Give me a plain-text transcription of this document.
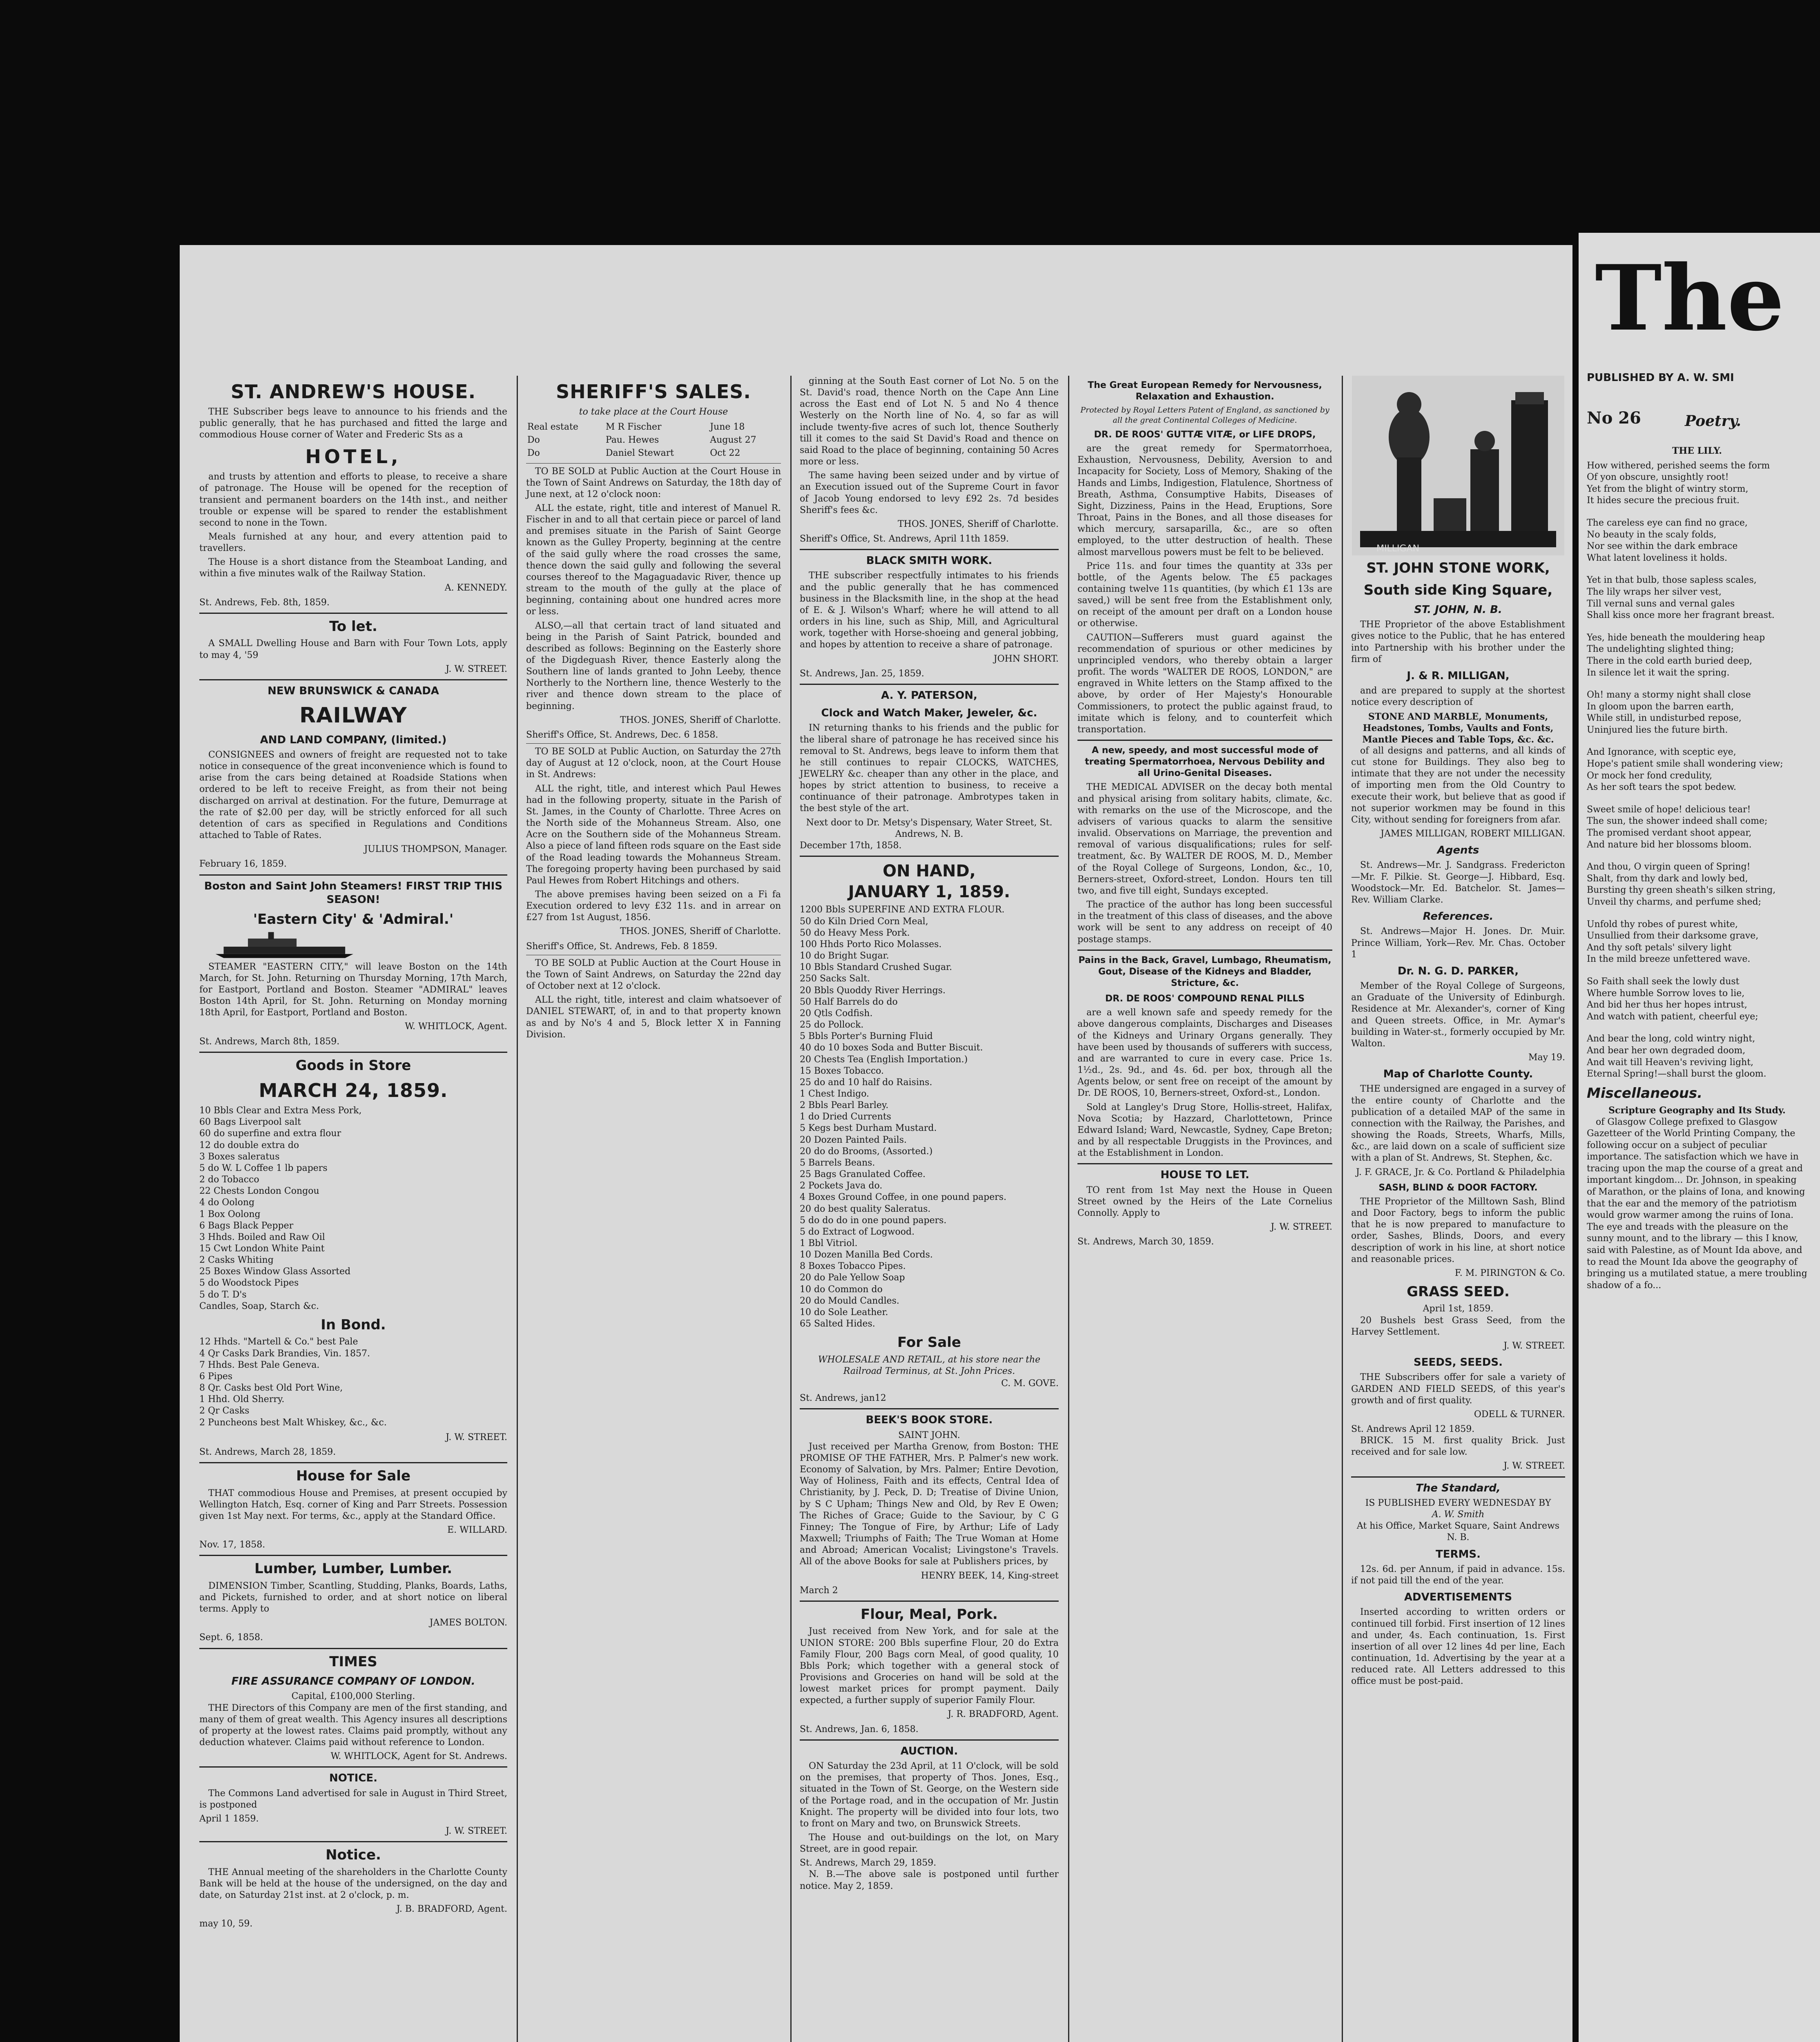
ST. ANDREW'S HOUSE.

THE Subscriber begs leave to announce to his friends and the public generally, that he has purchased and fitted the large and commodious House corner of Water and Frederic Sts as a

HOTEL,

and trusts by attention and efforts to please, to receive a share of patronage. The House will be opened for the reception of transient and permanent boarders on the 14th inst., and neither trouble or expense will be spared to render the establishment second to none in the Town.

Meals furnished at any hour, and every attention paid to travellers.

The House is a short distance from the Steamboat Landing, and within a five minutes walk of the Railway Station.

A. KENNEDY.
St. Andrews, Feb. 8th, 1859.
To let.

A SMALL Dwelling House and Barn with Four Town Lots, apply to may 4, '59

J. W. STREET.
NEW BRUNSWICK & CANADA
RAILWAY
AND LAND COMPANY, (limited.)

CONSIGNEES and owners of freight are requested not to take notice in consequence of the great inconvenience which is found to arise from the cars being detained at Roadside Stations when ordered to be left to receive Freight, as from their not being discharged on arrival at destination. For the future, Demurrage at the rate of $2.00 per day, will be strictly enforced for all such detention of cars as specified in Regulations and Conditions attached to Table of Rates.

JULIUS THOMPSON, Manager.
February 16, 1859.
Boston and Saint John Steamers! FIRST TRIP THIS SEASON!
'Eastern City' & 'Admiral.'

STEAMER "EASTERN CITY," will leave Boston on the 14th March, for St. John. Returning on Thursday Morning, 17th March, for Eastport, Portland and Boston. Steamer "ADMIRAL" leaves Boston 14th April, for St. John. Returning on Monday morning 18th April, for Eastport, Portland and Boston.

W. WHITLOCK, Agent.
St. Andrews, March 8th, 1859.
Goods in Store
MARCH 24, 1859.
10 Bbls Clear and Extra Mess Pork,
60 Bags Liverpool salt
60 do superfine and extra flour
12 do double extra do
3 Boxes saleratus
5 do W. L Coffee 1 lb papers
2 do Tobacco
22 Chests London Congou
4 do Oolong
1 Box Oolong
6 Bags Black Pepper
3 Hhds. Boiled and Raw Oil
15 Cwt London White Paint
2 Casks Whiting
25 Boxes Window Glass Assorted
5 do Woodstock Pipes
5 do T. D's
Candles, Soap, Starch &c.
In Bond.
12 Hhds. "Martell & Co." best Pale
4 Qr Casks Dark Brandies, Vin. 1857.
7 Hhds. Best Pale Geneva.
6 Pipes
8 Qr. Casks best Old Port Wine,
1 Hhd. Old Sherry.
2 Qr Casks
2 Puncheons best Malt Whiskey, &c., &c.
J. W. STREET.
St. Andrews, March 28, 1859.
House for Sale

THAT commodious House and Premises, at present occupied by Wellington Hatch, Esq. corner of King and Parr Streets. Possession given 1st May next. For terms, &c., apply at the Standard Office.

E. WILLARD.
Nov. 17, 1858.
Lumber, Lumber, Lumber.

DIMENSION Timber, Scantling, Studding, Planks, Boards, Laths, and Pickets, furnished to order, and at short notice on liberal terms. Apply to

JAMES BOLTON.
Sept. 6, 1858.
TIMES
FIRE ASSURANCE COMPANY OF LONDON.
Capital, £100,000 Sterling.

THE Directors of this Company are men of the first standing, and many of them of great wealth. This Agency insures all descriptions of property at the lowest rates. Claims paid promptly, without any deduction whatever. Claims paid without reference to London.

W. WHITLOCK, Agent for St. Andrews.
NOTICE.

The Commons Land advertised for sale in August in Third Street, is postponed

April 1 1859.
J. W. STREET.
Notice.

THE Annual meeting of the shareholders in the Charlotte County Bank will be held at the house of the undersigned, on the day and date, on Saturday 21st inst. at 2 o'clock, p. m.

J. B. BRADFORD, Agent.
may 10, 59.
SHERIFF'S SALES.
to take place at the Court House
Real estate	M R Fischer	June 18
Do	Pau. Hewes	August 27
Do	Daniel Stewart	Oct 22

TO BE SOLD at Public Auction at the Court House in the Town of Saint Andrews on Saturday, the 18th day of June next, at 12 o'clock noon:

ALL the estate, right, title and interest of Manuel R. Fischer in and to all that certain piece or parcel of land and premises situate in the Parish of Saint George known as the Gulley Property, beginning at the centre of the said gully where the road crosses the same, thence down the said gully and following the several courses thereof to the Magaguadavic River, thence up stream to the mouth of the gully at the place of beginning, containing about one hundred acres more or less.

ALSO,—all that certain tract of land situated and being in the Parish of Saint Patrick, bounded and described as follows: Beginning on the Easterly shore of the Digdeguash River, thence Easterly along the Southern line of lands granted to John Leeby, thence Northerly to the Northern line, thence Westerly to the river and thence down stream to the place of beginning.

THOS. JONES, Sheriff of Charlotte.
Sheriff's Office, St. Andrews, Dec. 6 1858.

TO BE SOLD at Public Auction, on Saturday the 27th day of August at 12 o'clock, noon, at the Court House in St. Andrews:

ALL the right, title, and interest which Paul Hewes had in the following property, situate in the Parish of St. James, in the County of Charlotte. Three Acres on the North side of the Mohanneus Stream. Also, one Acre on the Southern side of the Mohanneus Stream. Also a piece of land fifteen rods square on the East side of the Road leading towards the Mohanneus Stream. The foregoing property having been purchased by said Paul Hewes from Robert Hitchings and others.

The above premises having been seized on a Fi fa Execution ordered to levy £32 11s. and in arrear on £27 from 1st August, 1856.

THOS. JONES, Sheriff of Charlotte.
Sheriff's Office, St. Andrews, Feb. 8 1859.

TO BE SOLD at Public Auction at the Court House in the Town of Saint Andrews, on Saturday the 22nd day of October next at 12 o'clock.

ALL the right, title, interest and claim whatsoever of DANIEL STEWART, of, in and to that property known as and by No's 4 and 5, Block letter X in Fanning Division.

ginning at the South East corner of Lot No. 5 on the St. David's road, thence North on the Cape Ann Line across the East end of Lot N. 5 and No 4 thence Westerly on the North line of No. 4, so far as will include twenty-five acres of such lot, thence Southerly till it comes to the said St David's Road and thence on said Road to the place of beginning, containing 50 Acres more or less.

The same having been seized under and by virtue of an Execution issued out of the Supreme Court in favor of Jacob Young endorsed to levy £92 2s. 7d besides Sheriff's fees &c.

THOS. JONES, Sheriff of Charlotte.
Sheriff's Office, St. Andrews, April 11th 1859.
BLACK SMITH WORK.

THE subscriber respectfully intimates to his friends and the public generally that he has commenced business in the Blacksmith line, in the shop at the head of E. & J. Wilson's Wharf; where he will attend to all orders in his line, such as Ship, Mill, and Agricultural work, together with Horse-shoeing and general jobbing, and hopes by attention to receive a share of patronage.

JOHN SHORT.
St. Andrews, Jan. 25, 1859.
A. Y. PATERSON,
Clock and Watch Maker, Jeweler, &c.

IN returning thanks to his friends and the public for the liberal share of patronage he has received since his removal to St. Andrews, begs leave to inform them that he still continues to repair CLOCKS, WATCHES, JEWELRY &c. cheaper than any other in the place, and hopes by strict attention to business, to receive a continuance of their patronage. Ambrotypes taken in the best style of the art.

Next door to Dr. Metsy's Dispensary, Water Street, St. Andrews, N. B.
December 17th, 1858.
ON HAND,
JANUARY 1, 1859.
1200 Bbls SUPERFINE AND EXTRA FLOUR.
50 do Kiln Dried Corn Meal,
50 do Heavy Mess Pork.
100 Hhds Porto Rico Molasses.
10 do Bright Sugar.
10 Bbls Standard Crushed Sugar.
250 Sacks Salt.
20 Bbls Quoddy River Herrings.
50 Half Barrels do do
20 Qtls Codfish.
25 do Pollock.
5 Bbls Porter's Burning Fluid
40 do 10 boxes Soda and Butter Biscuit.
20 Chests Tea (English Importation.)
15 Boxes Tobacco.
25 do and 10 half do Raisins.
1 Chest Indigo.
2 Bbls Pearl Barley.
1 do Dried Currents
5 Kegs best Durham Mustard.
20 Dozen Painted Pails.
20 do do Brooms, (Assorted.)
5 Barrels Beans.
25 Bags Granulated Coffee.
2 Pockets Java do.
4 Boxes Ground Coffee, in one pound papers.
20 do best quality Saleratus.
5 do do do in one pound papers.
5 do Extract of Logwood.
1 Bbl Vitriol.
10 Dozen Manilla Bed Cords.
8 Boxes Tobacco Pipes.
20 do Pale Yellow Soap
10 do Common do
20 do Mould Candles.
10 do Sole Leather.
65 Salted Hides.
For Sale
WHOLESALE AND RETAIL, at his store near the Railroad Terminus, at St. John Prices.
C. M. GOVE.
St. Andrews, jan12
BEEK'S BOOK STORE.
SAINT JOHN.

Just received per Martha Grenow, from Boston: THE PROMISE OF THE FATHER, Mrs. P. Palmer's new work. Economy of Salvation, by Mrs. Palmer; Entire Devotion, Way of Holiness, Faith and its effects, Central Idea of Christianity, by J. Peck, D. D; Treatise of Divine Union, by S C Upham; Things New and Old, by Rev E Owen; The Riches of Grace; Guide to the Saviour, by C G Finney; The Tongue of Fire, by Arthur; Life of Lady Maxwell; Triumphs of Faith; The True Woman at Home and Abroad; American Vocalist; Livingstone's Travels. All of the above Books for sale at Publishers prices, by

HENRY BEEK, 14, King-street
March 2
Flour, Meal, Pork.

Just received from New York, and for sale at the UNION STORE: 200 Bbls superfine Flour, 20 do Extra Family Flour, 200 Bags corn Meal, of good quality, 10 Bbls Pork; which together with a general stock of Provisions and Groceries on hand will be sold at the lowest market prices for prompt payment. Daily expected, a further supply of superior Family Flour.

J. R. BRADFORD, Agent.
St. Andrews, Jan. 6, 1858.
AUCTION.

ON Saturday the 23d April, at 11 O'clock, will be sold on the premises, that property of Thos. Jones, Esq., situated in the Town of St. George, on the Western side of the Portage road, and in the occupation of Mr. Justin Knight. The property will be divided into four lots, two to front on Mary and two, on Brunswick Streets.

The House and out-buildings on the lot, on Mary Street, are in good repair.

St. Andrews, March 29, 1859.

N. B.—The above sale is postponed until further notice. May 2, 1859.

The Great European Remedy for Nervousness, Relaxation and Exhaustion.
Protected by Royal Letters Patent of England, as sanctioned by all the great Continental Colleges of Medicine.
DR. DE ROOS' GUTTÆ VITÆ, or LIFE DROPS,

are the great remedy for Spermatorrhoea, Exhaustion, Nervousness, Debility, Aversion to and Incapacity for Society, Loss of Memory, Shaking of the Hands and Limbs, Indigestion, Flatulence, Shortness of Breath, Asthma, Consumptive Habits, Diseases of Sight, Dizziness, Pains in the Head, Eruptions, Sore Throat, Pains in the Bones, and all those diseases for which mercury, sarsaparilla, &c., are so often employed, to the utter destruction of health. These almost marvellous powers must be felt to be believed.

Price 11s. and four times the quantity at 33s per bottle, of the Agents below. The £5 packages containing twelve 11s quantities, (by which £1 13s are saved,) will be sent free from the Establishment only, on receipt of the amount per draft on a London house or otherwise.

CAUTION—Sufferers must guard against the recommendation of spurious or other medicines by unprincipled vendors, who thereby obtain a larger profit. The words "WALTER DE ROOS, LONDON," are engraved in White letters on the Stamp affixed to the above, by order of Her Majesty's Honourable Commissioners, to protect the public against fraud, to imitate which is felony, and to counterfeit which transportation.

A new, speedy, and most successful mode of treating Spermatorrhoea, Nervous Debility and all Urino-Genital Diseases.

THE MEDICAL ADVISER on the decay both mental and physical arising from solitary habits, climate, &c. with remarks on the use of the Microscope, and the advisers of various quacks to alarm the sensitive invalid. Observations on Marriage, the prevention and removal of various disqualifications; rules for self-treatment, &c. By WALTER DE ROOS, M. D., Member of the Royal College of Surgeons, London, &c., 10, Berners-street, Oxford-street, London. Hours ten till two, and five till eight, Sundays excepted.

The practice of the author has long been successful in the treatment of this class of diseases, and the above work will be sent to any address on receipt of 40 postage stamps.

Pains in the Back, Gravel, Lumbago, Rheumatism, Gout, Disease of the Kidneys and Bladder, Stricture, &c.
DR. DE ROOS' COMPOUND RENAL PILLS

are a well known safe and speedy remedy for the above dangerous complaints, Discharges and Diseases of the Kidneys and Urinary Organs generally. They have been used by thousands of sufferers with success, and are warranted to cure in every case. Price 1s. 1½d., 2s. 9d., and 4s. 6d. per box, through all the Agents below, or sent free on receipt of the amount by Dr. DE ROOS, 10, Berners-street, Oxford-st., London.

Sold at Langley's Drug Store, Hollis-street, Halifax, Nova Scotia; by Hazzard, Charlottetown, Prince Edward Island; Ward, Newcastle, Sydney, Cape Breton; and by all respectable Druggists in the Provinces, and at the Establishment in London.

HOUSE TO LET.

TO rent from 1st May next the House in Queen Street owned by the Heirs of the Late Cornelius Connolly. Apply to

J. W. STREET.
St. Andrews, March 30, 1859.
MILLIGAN
ST. JOHN STONE WORK,
South side King Square,
ST. JOHN, N. B.

THE Proprietor of the above Establishment gives notice to the Public, that he has entered into Partnership with his brother under the firm of

J. & R. MILLIGAN,

and are prepared to supply at the shortest notice every description of

STONE AND MARBLE, Monuments, Headstones, Tombs, Vaults and Fonts, Mantle Pieces and Table Tops, &c. &c.

of all designs and patterns, and all kinds of cut stone for Buildings. They also beg to intimate that they are not under the necessity of importing men from the Old Country to execute their work, but believe that as good if not superior workmen may be found in this City, without sending for foreigners from afar.

JAMES MILLIGAN, ROBERT MILLIGAN.
Agents

St. Andrews—Mr. J. Sandgrass. Fredericton—Mr. F. Pilkie. St. George—J. Hibbard, Esq. Woodstock—Mr. Ed. Batchelor. St. James—Rev. William Clarke.

References.

St. Andrews—Major H. Jones. Dr. Muir. Prince William, York—Rev. Mr. Chas. October 1

Dr. N. G. D. PARKER,

Member of the Royal College of Surgeons, an Graduate of the University of Edinburgh. Residence at Mr. Alexander's, corner of King and Queen streets. Office, in Mr. Aymar's building in Water-st., formerly occupied by Mr. Walton.

May 19.
Map of Charlotte County.

THE undersigned are engaged in a survey of the entire county of Charlotte and the publication of a detailed MAP of the same in connection with the Railway, the Parishes, and showing the Roads, Streets, Wharfs, Mills, &c., are laid down on a scale of sufficient size with a plan of St. Andrews, St. Stephen, &c.

J. F. GRACE, Jr. & Co. Portland & Philadelphia
SASH, BLIND & DOOR FACTORY.

THE Proprietor of the Milltown Sash, Blind and Door Factory, begs to inform the public that he is now prepared to manufacture to order, Sashes, Blinds, Doors, and every description of work in his line, at short notice and reasonable prices.

F. M. PIRINGTON & Co.
GRASS SEED.
April 1st, 1859.

20 Bushels best Grass Seed, from the Harvey Settlement.

J. W. STREET.
SEEDS, SEEDS.

THE Subscribers offer for sale a variety of GARDEN AND FIELD SEEDS, of this year's growth and of first quality.

ODELL & TURNER.
St. Andrews April 12 1859.

BRICK. 15 M. first quality Brick. Just received and for sale low.

J. W. STREET.
The Standard,
IS PUBLISHED EVERY WEDNESDAY BY
A. W. Smith
At his Office, Market Square, Saint Andrews N. B.
TERMS.

12s. 6d. per Annum, if paid in advance. 15s. if not paid till the end of the year.

ADVERTISEMENTS

Inserted according to written orders or continued till forbid. First insertion of 12 lines and under, 4s. Each continuation, 1s. First insertion of all over 12 lines 4d per line, Each continuation, 1d. Advertising by the year at a reduced rate. All Letters addressed to this office must be post-paid.

The
PUBLISHED BY A. W. SMI
No 26	Poetry.
THE LILY.
How withered, perished seems the form
Of yon obscure, unsightly root!
Yet from the blight of wintry storm,
It hides secure the precious fruit.
The careless eye can find no grace,
No beauty in the scaly folds,
Nor see within the dark embrace
What latent loveliness it holds.
Yet in that bulb, those sapless scales,
The lily wraps her silver vest,
Till vernal suns and vernal gales
Shall kiss once more her fragrant breast.
Yes, hide beneath the mouldering heap
The undelighting slighted thing;
There in the cold earth buried deep,
In silence let it wait the spring.
Oh! many a stormy night shall close
In gloom upon the barren earth,
While still, in undisturbed repose,
Uninjured lies the future birth.
And Ignorance, with sceptic eye,
Hope's patient smile shall wondering view;
Or mock her fond credulity,
As her soft tears the spot bedew.
Sweet smile of hope! delicious tear!
The sun, the shower indeed shall come;
The promised verdant shoot appear,
And nature bid her blossoms bloom.
And thou, O virgin queen of Spring!
Shalt, from thy dark and lowly bed,
Bursting thy green sheath's silken string,
Unveil thy charms, and perfume shed;
Unfold thy robes of purest white,
Unsullied from their darksome grave,
And thy soft petals' silvery light
In the mild breeze unfettered wave.
So Faith shall seek the lowly dust
Where humble Sorrow loves to lie,
And bid her thus her hopes intrust,
And watch with patient, cheerful eye;
And bear the long, cold wintry night,
And bear her own degraded doom,
And wait till Heaven's reviving light,
Eternal Spring!—shall burst the gloom.
Miscellaneous.
Scripture Geography and Its Study.

of Glasgow College prefixed to Glasgow Gazetteer of the World Printing Company, the following occur on a subject of peculiar importance. The satisfaction which we have in tracing upon the map the course of a great and important kingdom... Dr. Johnson, in speaking of Marathon, or the plains of Iona, and knowing that the ear and the memory of the patriotism would grow warmer among the ruins of Iona. The eye and treads with the pleasure on the sunny mount, and to the library — this I know, said with Palestine, as of Mount Ida above, and to read the Mount Ida above the geography of bringing us a mutilated statue, a mere troubling shadow of a fo...
